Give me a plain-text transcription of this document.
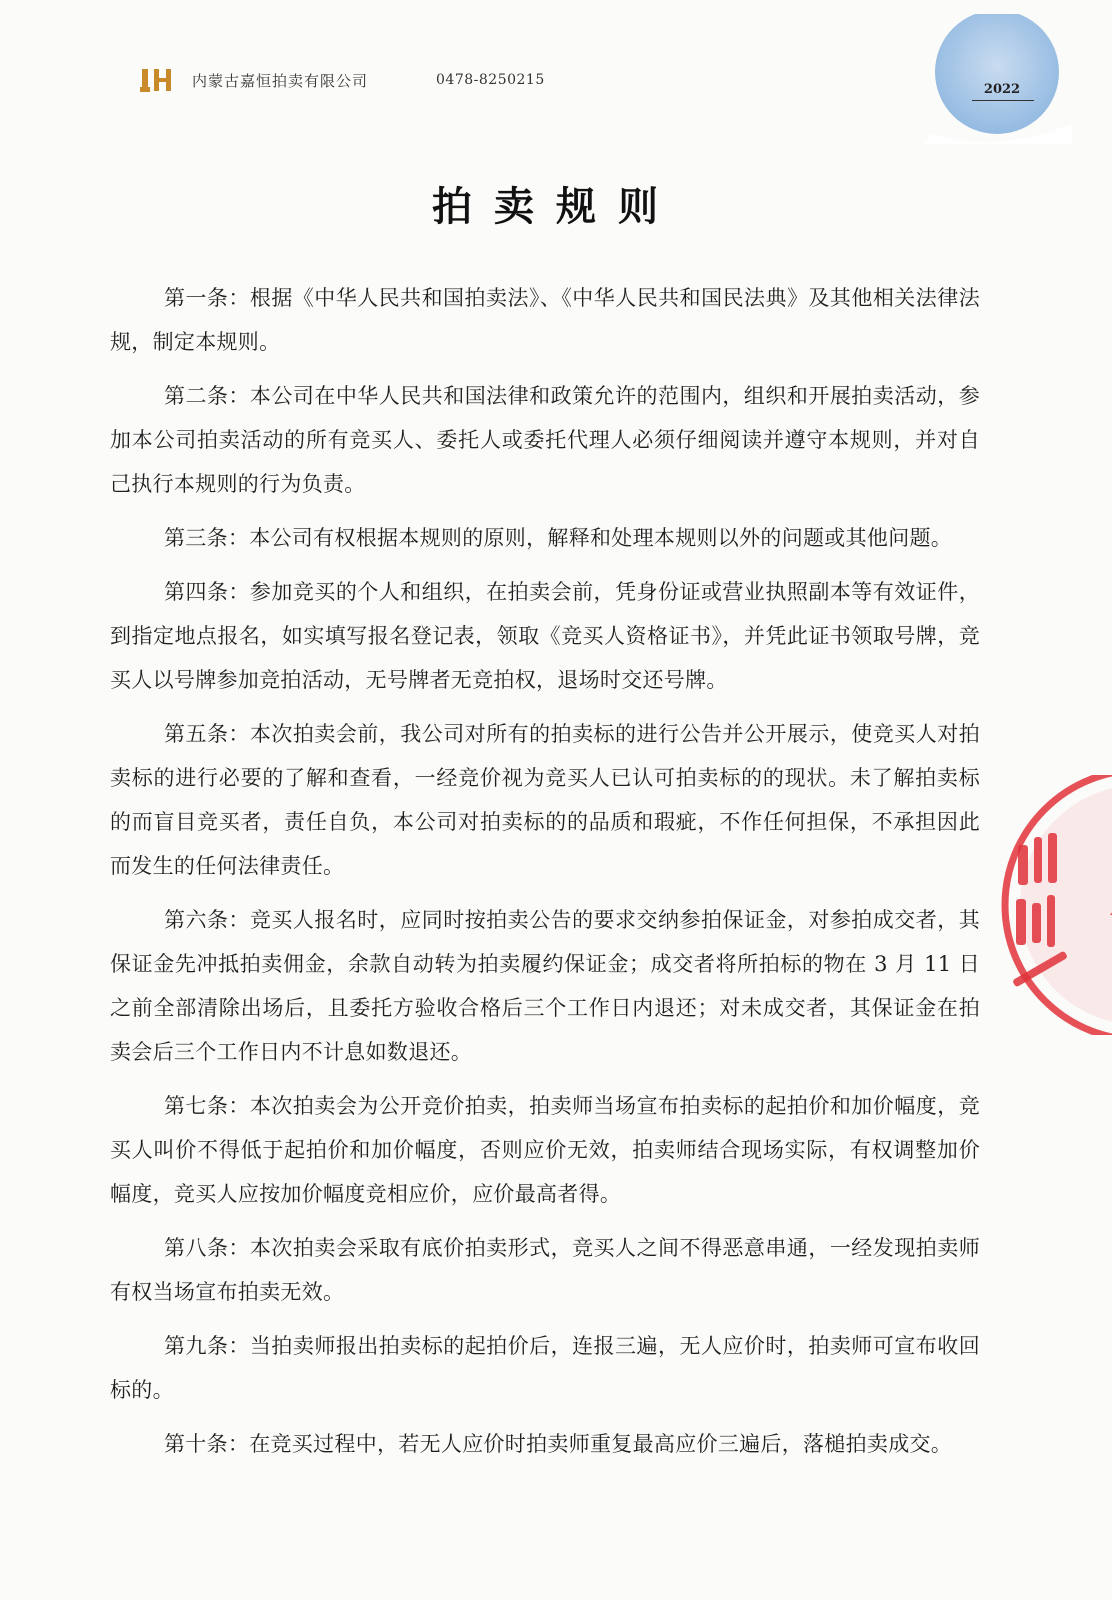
内蒙古嘉恒拍卖有限公司	0478-8250215
2022
拍卖规则

第一条：根据《中华人民共和国拍卖法》、《中华人民共和国民法典》及其他相关法律法规，制定本规则。

第二条：本公司在中华人民共和国法律和政策允许的范围内，组织和开展拍卖活动，参加本公司拍卖活动的所有竞买人、委托人或委托代理人必须仔细阅读并遵守本规则，并对自己执行本规则的行为负责。

第三条：本公司有权根据本规则的原则，解释和处理本规则以外的问题或其他问题。

第四条：参加竞买的个人和组织，在拍卖会前，凭身份证或营业执照副本等有效证件，到指定地点报名，如实填写报名登记表，领取《竞买人资格证书》，并凭此证书领取号牌，竞买人以号牌参加竞拍活动，无号牌者无竞拍权，退场时交还号牌。

第五条：本次拍卖会前，我公司对所有的拍卖标的进行公告并公开展示，使竞买人对拍卖标的进行必要的了解和查看，一经竞价视为竞买人已认可拍卖标的的现状。未了解拍卖标的而盲目竞买者，责任自负，本公司对拍卖标的的品质和瑕疵，不作任何担保，不承担因此而发生的任何法律责任。

第六条：竞买人报名时，应同时按拍卖公告的要求交纳参拍保证金，对参拍成交者，其保证金先冲抵拍卖佣金，余款自动转为拍卖履约保证金；成交者将所拍标的物在 3 月 11 日之前全部清除出场后，且委托方验收合格后三个工作日内退还；对未成交者，其保证金在拍卖会后三个工作日内不计息如数退还。

第七条：本次拍卖会为公开竞价拍卖，拍卖师当场宣布拍卖标的起拍价和加价幅度，竞买人叫价不得低于起拍价和加价幅度，否则应价无效，拍卖师结合现场实际，有权调整加价幅度，竞买人应按加价幅度竞相应价，应价最高者得。

第八条：本次拍卖会采取有底价拍卖形式，竞买人之间不得恶意串通，一经发现拍卖师有权当场宣布拍卖无效。

第九条：当拍卖师报出拍卖标的起拍价后，连报三遍，无人应价时，拍卖师可宣布收回标的。

第十条：在竞买过程中，若无人应价时拍卖师重复最高应价三遍后，落槌拍卖成交。
